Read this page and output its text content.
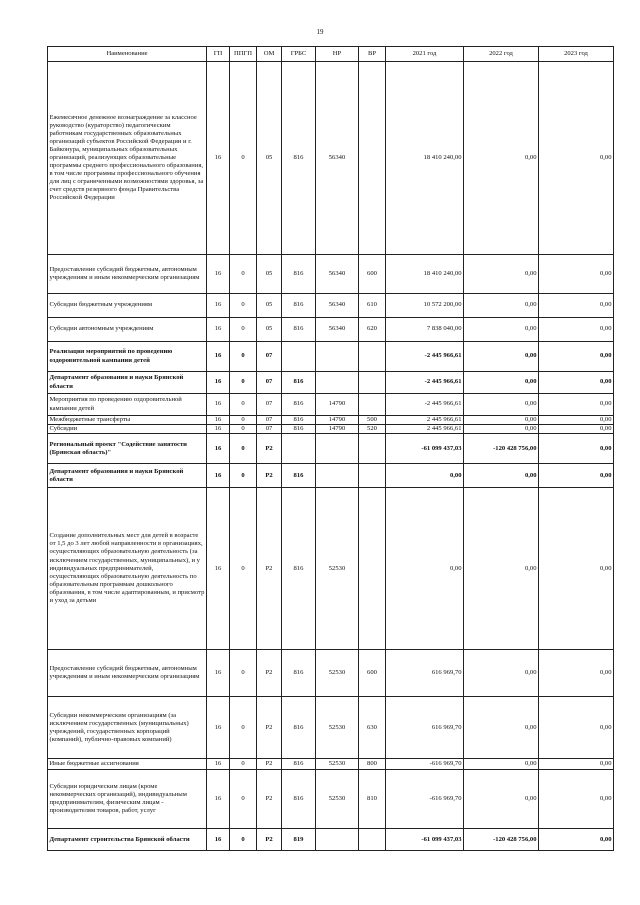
19
Наименование	ГП	ППГП	ОМ	ГРБС	НР	ВР	2021 год	2022 год	2023 год
Ежемесячное денежное вознаграждение за классное руководство (кураторство) педагогическим работникам государственных образовательных организаций субъектов Российской Федерации и г. Байконура, муниципальных образовательных организаций, реализующих образовательные программы среднего профессионального образования, в том числе программы профессионального обучения для лиц с ограниченными возможностями здоровья, за счет средств резервного фонда Правительства Российской Федерации	16	0	05	816	56340		18 410 240,00	0,00	0,00
Предоставление субсидий бюджетным, автономным учреждениям и иным некоммерческим организациям	16	0	05	816	56340	600	18 410 240,00	0,00	0,00
Субсидии бюджетным учреждениям	16	0	05	816	56340	610	10 572 200,00	0,00	0,00
Субсидии автономным учреждениям	16	0	05	816	56340	620	7 838 040,00	0,00	0,00
Реализация мероприятий по проведению оздоровительной кампании детей	16	0	07				-2 445 966,61	0,00	0,00
Департамент образования и науки Брянской области	16	0	07	816			-2 445 966,61	0,00	0,00
Мероприятия по проведению оздоровительной кампании детей	16	0	07	816	14790		-2 445 966,61	0,00	0,00
Межбюджетные трансферты	16	0	07	816	14790	500	2 445 966,61	0,00	0,00
Субсидии	16	0	07	816	14790	520	2 445 966,61	0,00	0,00
Региональный проект "Содействие занятости (Брянская область)"	16	0	P2				-61 099 437,03	-120 428 756,00	0,00
Департамент образования и науки Брянской области	16	0	P2	816			0,00	0,00	0,00
Создание дополнительных мест для детей в возрасте от 1,5 до 3 лет любой направленности в организациях, осуществляющих образовательную деятельность (за исключением государственных, муниципальных), и у индивидуальных предпринимателей, осуществляющих образовательную деятельность по образовательным программам дошкольного образования, в том числе адаптированным, и присмотр и уход за детьми	16	0	P2	816	52530		0,00	0,00	0,00
Предоставление субсидий бюджетным, автономным учреждениям и иным некоммерческим организациям	16	0	P2	816	52530	600	616 969,70	0,00	0,00
Субсидии некоммерческим организациям (за исключением государственных (муниципальных) учреждений, государственных корпораций (компаний), публично-правовых компаний)	16	0	P2	816	52530	630	616 969,70	0,00	0,00
Иные бюджетные ассигнования	16	0	P2	816	52530	800	-616 969,70	0,00	0,00
Субсидии юридическим лицам (кроме некоммерческих организаций), индивидуальным предпринимателям, физическим лицам - производителям товаров, работ, услуг	16	0	P2	816	52530	810	-616 969,70	0,00	0,00
Департамент строительства Брянской области	16	0	P2	819			-61 099 437,03	-120 428 756,00	0,00
